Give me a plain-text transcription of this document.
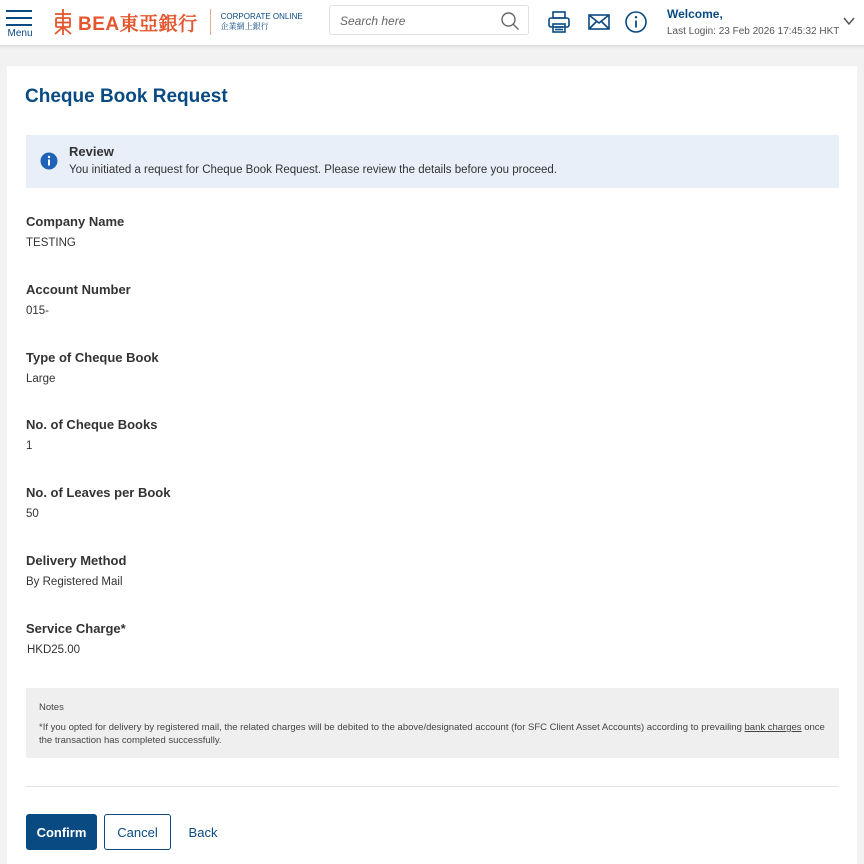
Menu BEA東亞銀行	CORPORATE ONLINE
企業網上銀行
Search here
Welcome,
Last Login: 23 Feb 2026 17:45:32 HKT
Cheque Book Request
Review
You initiated a request for Cheque Book Request. Please review the details before you proceed.
Company Name
TESTING
Account Number
015-
Type of Cheque Book
Large
No. of Cheque Books
1
No. of Leaves per Book
50
Delivery Method
By Registered Mail
Service Charge*
HKD25.00
Notes
*If you opted for delivery by registered mail, the related charges will be debited to the above/designated account (for SFC Client Asset Accounts) according to prevailing bank charges once the transaction has completed successfully.
Confirm	Cancel	Back
